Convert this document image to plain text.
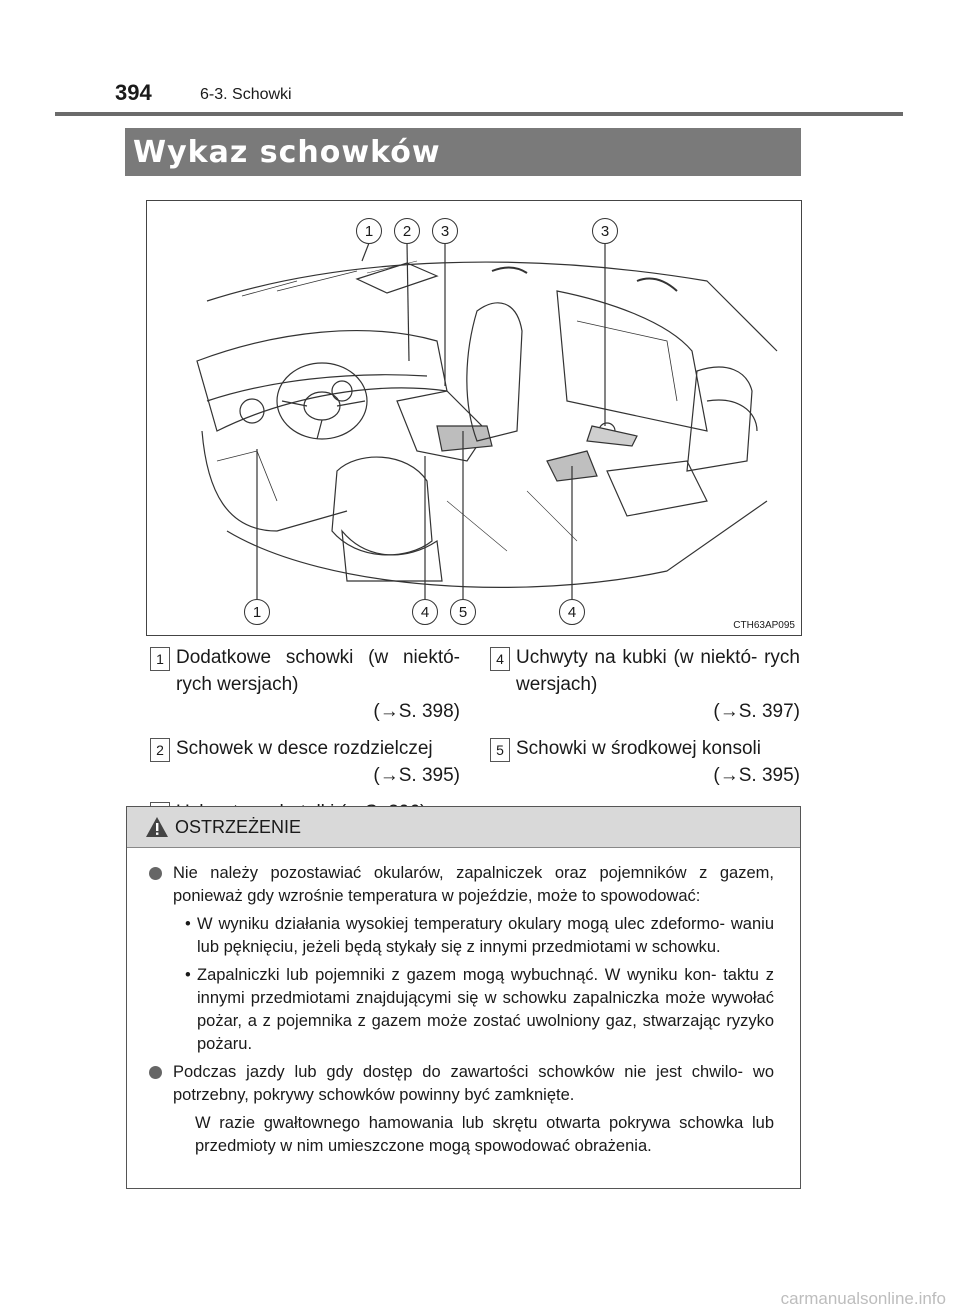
394	6-3. Schowki
Wykaz schowków
1	2	3	3
1	4	5	4
CTH63AP095
1 Dodatkowe schowki (w niektó- rych wersjach)
(→S. 398)
2 Schowek w desce rozdzielczej
(→S. 395)
4 Uchwyty na kubki (w niektó- rych wersjach)
(→S. 397)
5 Schowki w środkowej konsoli
(→S. 395)
OSTRZEŻENIE
Nie należy pozostawiać okularów, zapalniczek oraz pojemników z gazem, ponieważ gdy wzrośnie temperatura w pojeździe, może to spowodować:
• W wyniku działania wysokiej temperatury okulary mogą ulec zdeformo- waniu lub pęknięciu, jeżeli będą stykały się z innymi przedmiotami w schowku.
• Zapalniczki lub pojemniki z gazem mogą wybuchnąć. W wyniku kon- taktu z innymi przedmiotami znajdującymi się w schowku zapalniczka może wywołać pożar, a z pojemnika z gazem może zostać uwolniony gaz, stwarzając ryzyko pożaru.
Podczas jazdy lub gdy dostęp do zawartości schowków nie jest chwilo- wo potrzebny, pokrywy schowków powinny być zamknięte.
W razie gwałtownego hamowania lub skrętu otwarta pokrywa schowka lub przedmioty w nim umieszczone mogą spowodować obrażenia.
carmanualsonline.info
